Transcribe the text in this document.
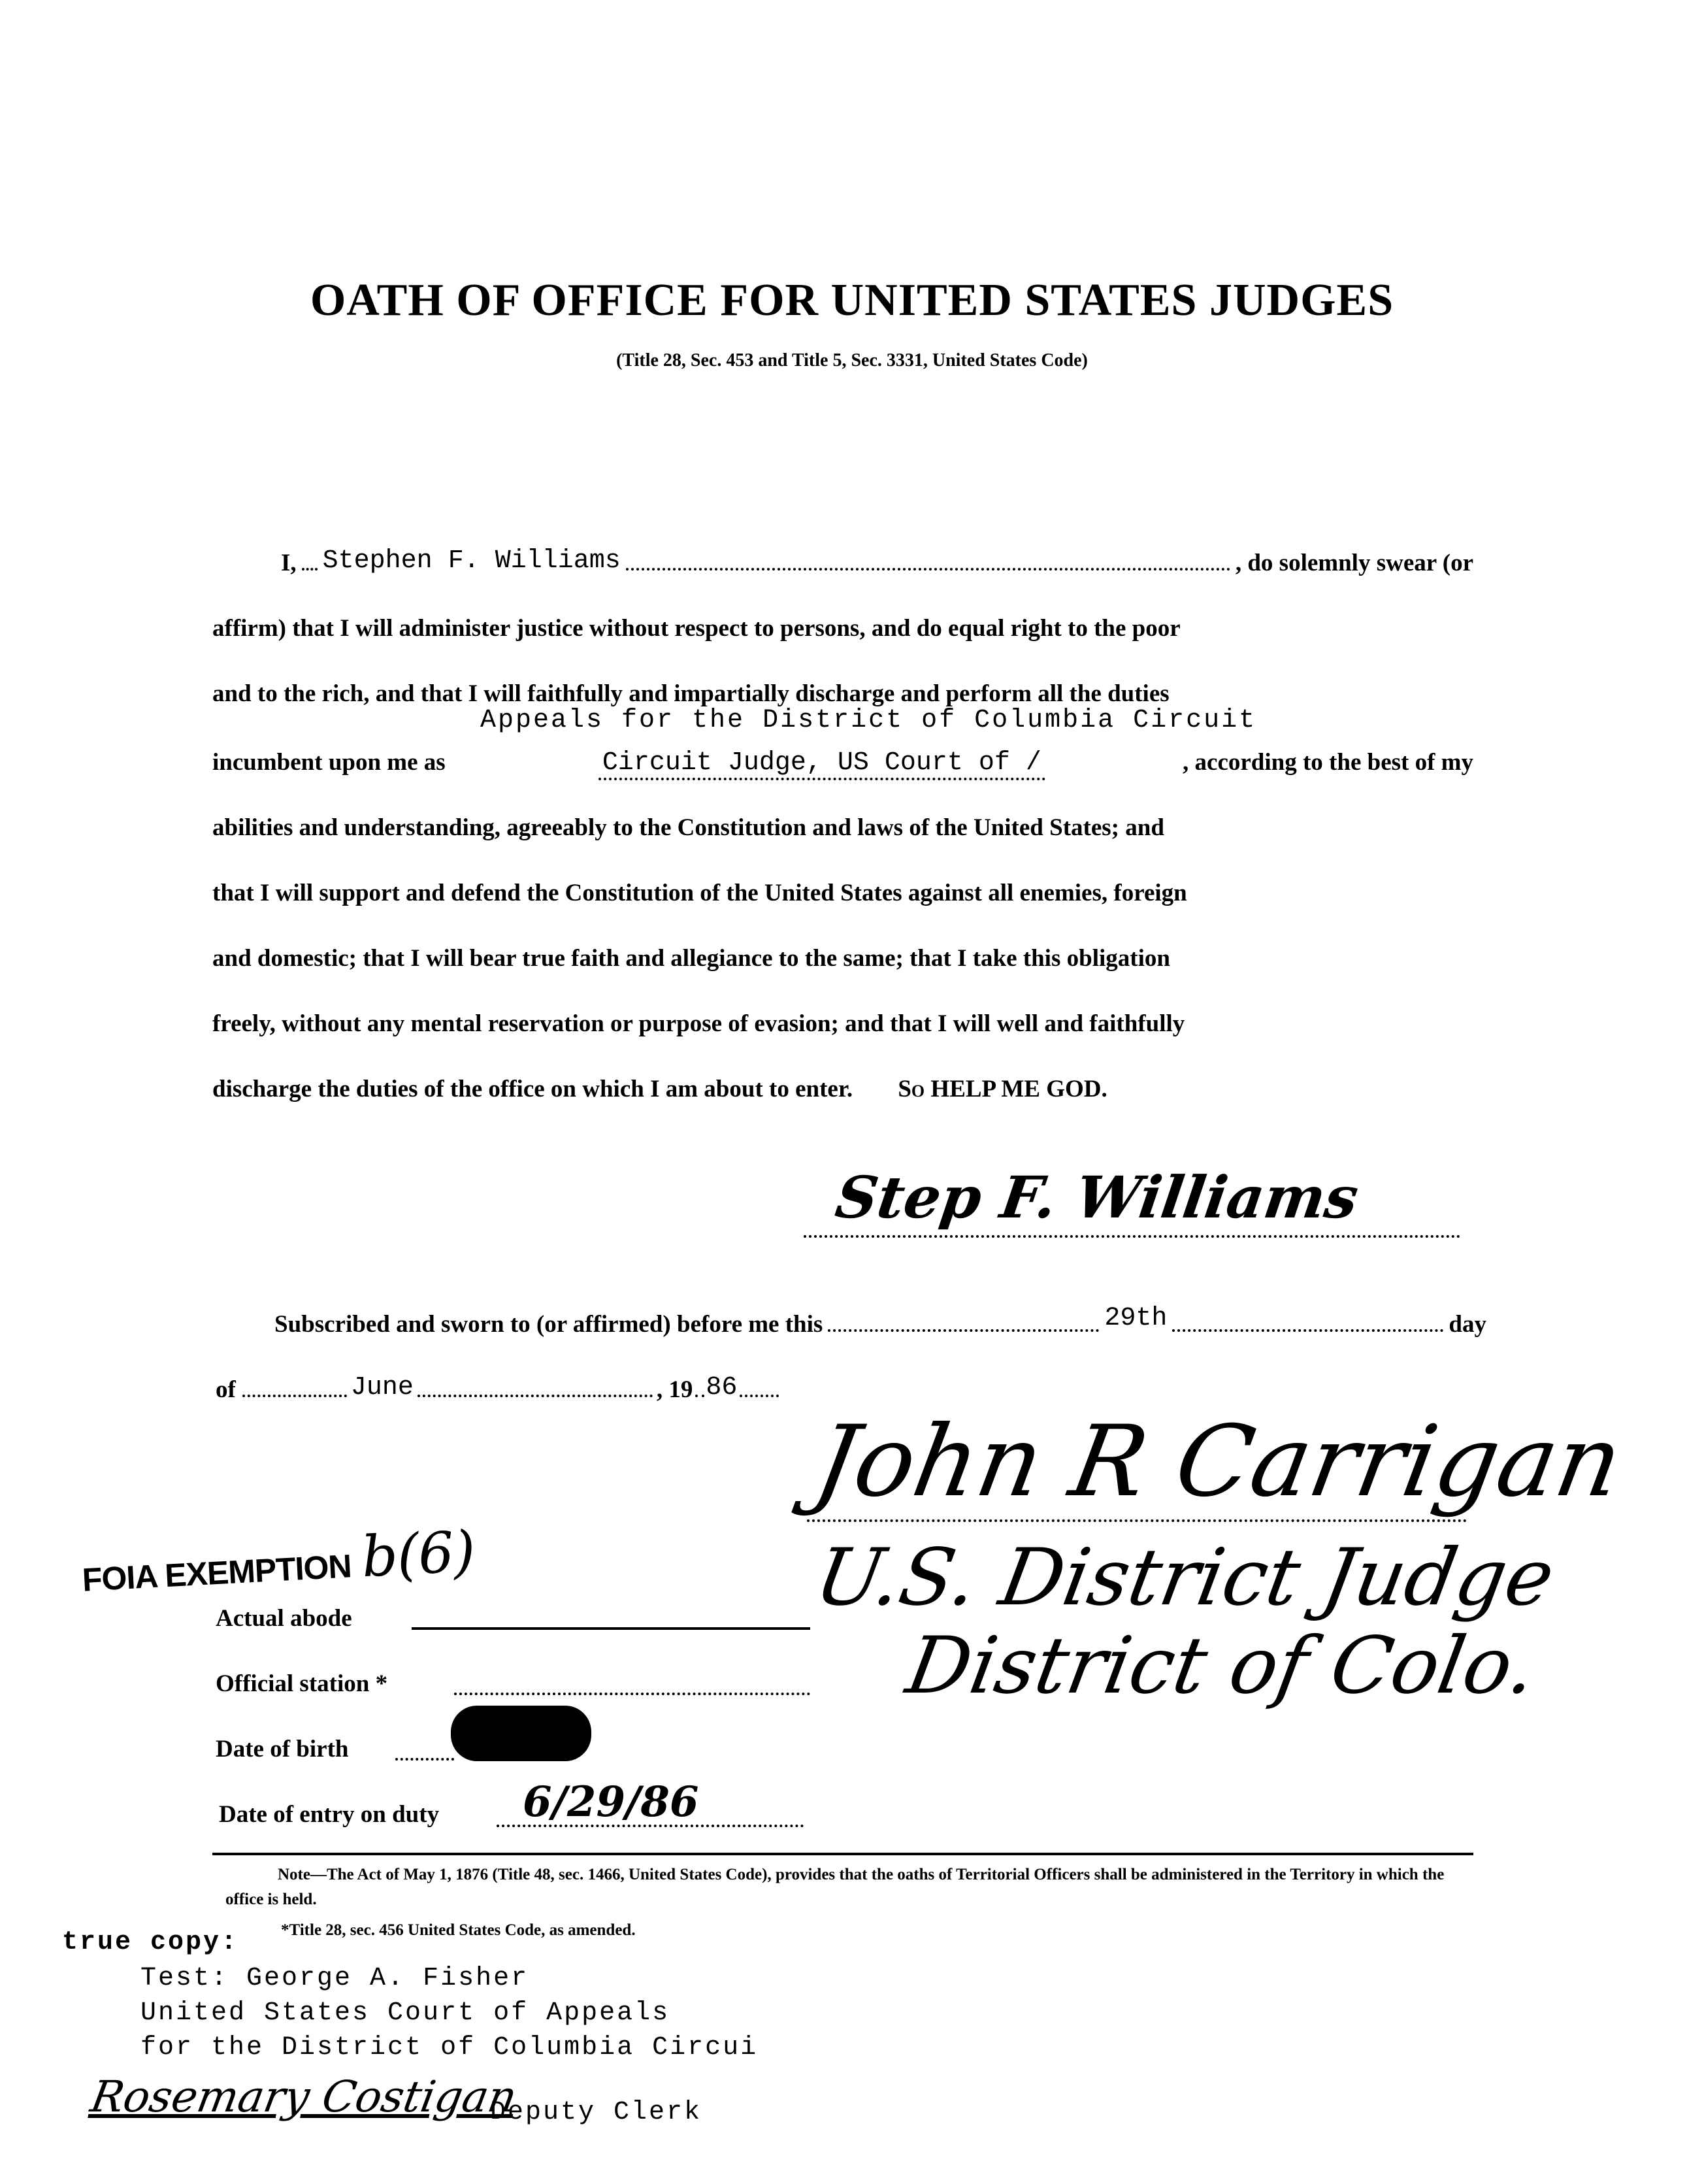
OATH OF OFFICE FOR UNITED STATES JUDGES
(Title 28, Sec. 453 and Title 5, Sec. 3331, United States Code)
I, Stephen F. Williams	, do solemnly swear (or
affirm) that I will administer justice without respect to persons, and do equal right to the poor
and to the rich, and that I will faithfully and impartially discharge and perform all the duties
Appeals for the District of Columbia Circuit
incumbent upon me as	Circuit Judge, US Court of /	, according to the best of my
abilities and understanding, agreeably to the Constitution and laws of the United States; and
that I will support and defend the Constitution of the United States against all enemies, foreign
and domestic; that I will bear true faith and allegiance to the same; that I take this obligation
freely, without any mental reservation or purpose of evasion; and that I will well and faithfully
discharge the duties of the office on which I am about to enter. So HELP ME GOD.
Step F. Williams
Subscribed and sworn to (or affirmed) before me this	29th	day
of	June	, 19 86
John R Carrigan
U.S. District Judge
District of Colo.
FOIA EXEMPTION b(6)
Actual abode
Official station *
Date of birth
Date of entry on duty 6/29/86
Note—The Act of May 1, 1876 (Title 48, sec. 1466, United States Code), provides that the oaths of Territorial Officers shall be administered in the Territory in which the office is held.
*Title 28, sec. 456 United States Code, as amended.
true copy:
Test: George A. Fisher
United States Court of Appeals
for the District of Columbia Circui
Rosemary Costigan
Deputy Clerk
